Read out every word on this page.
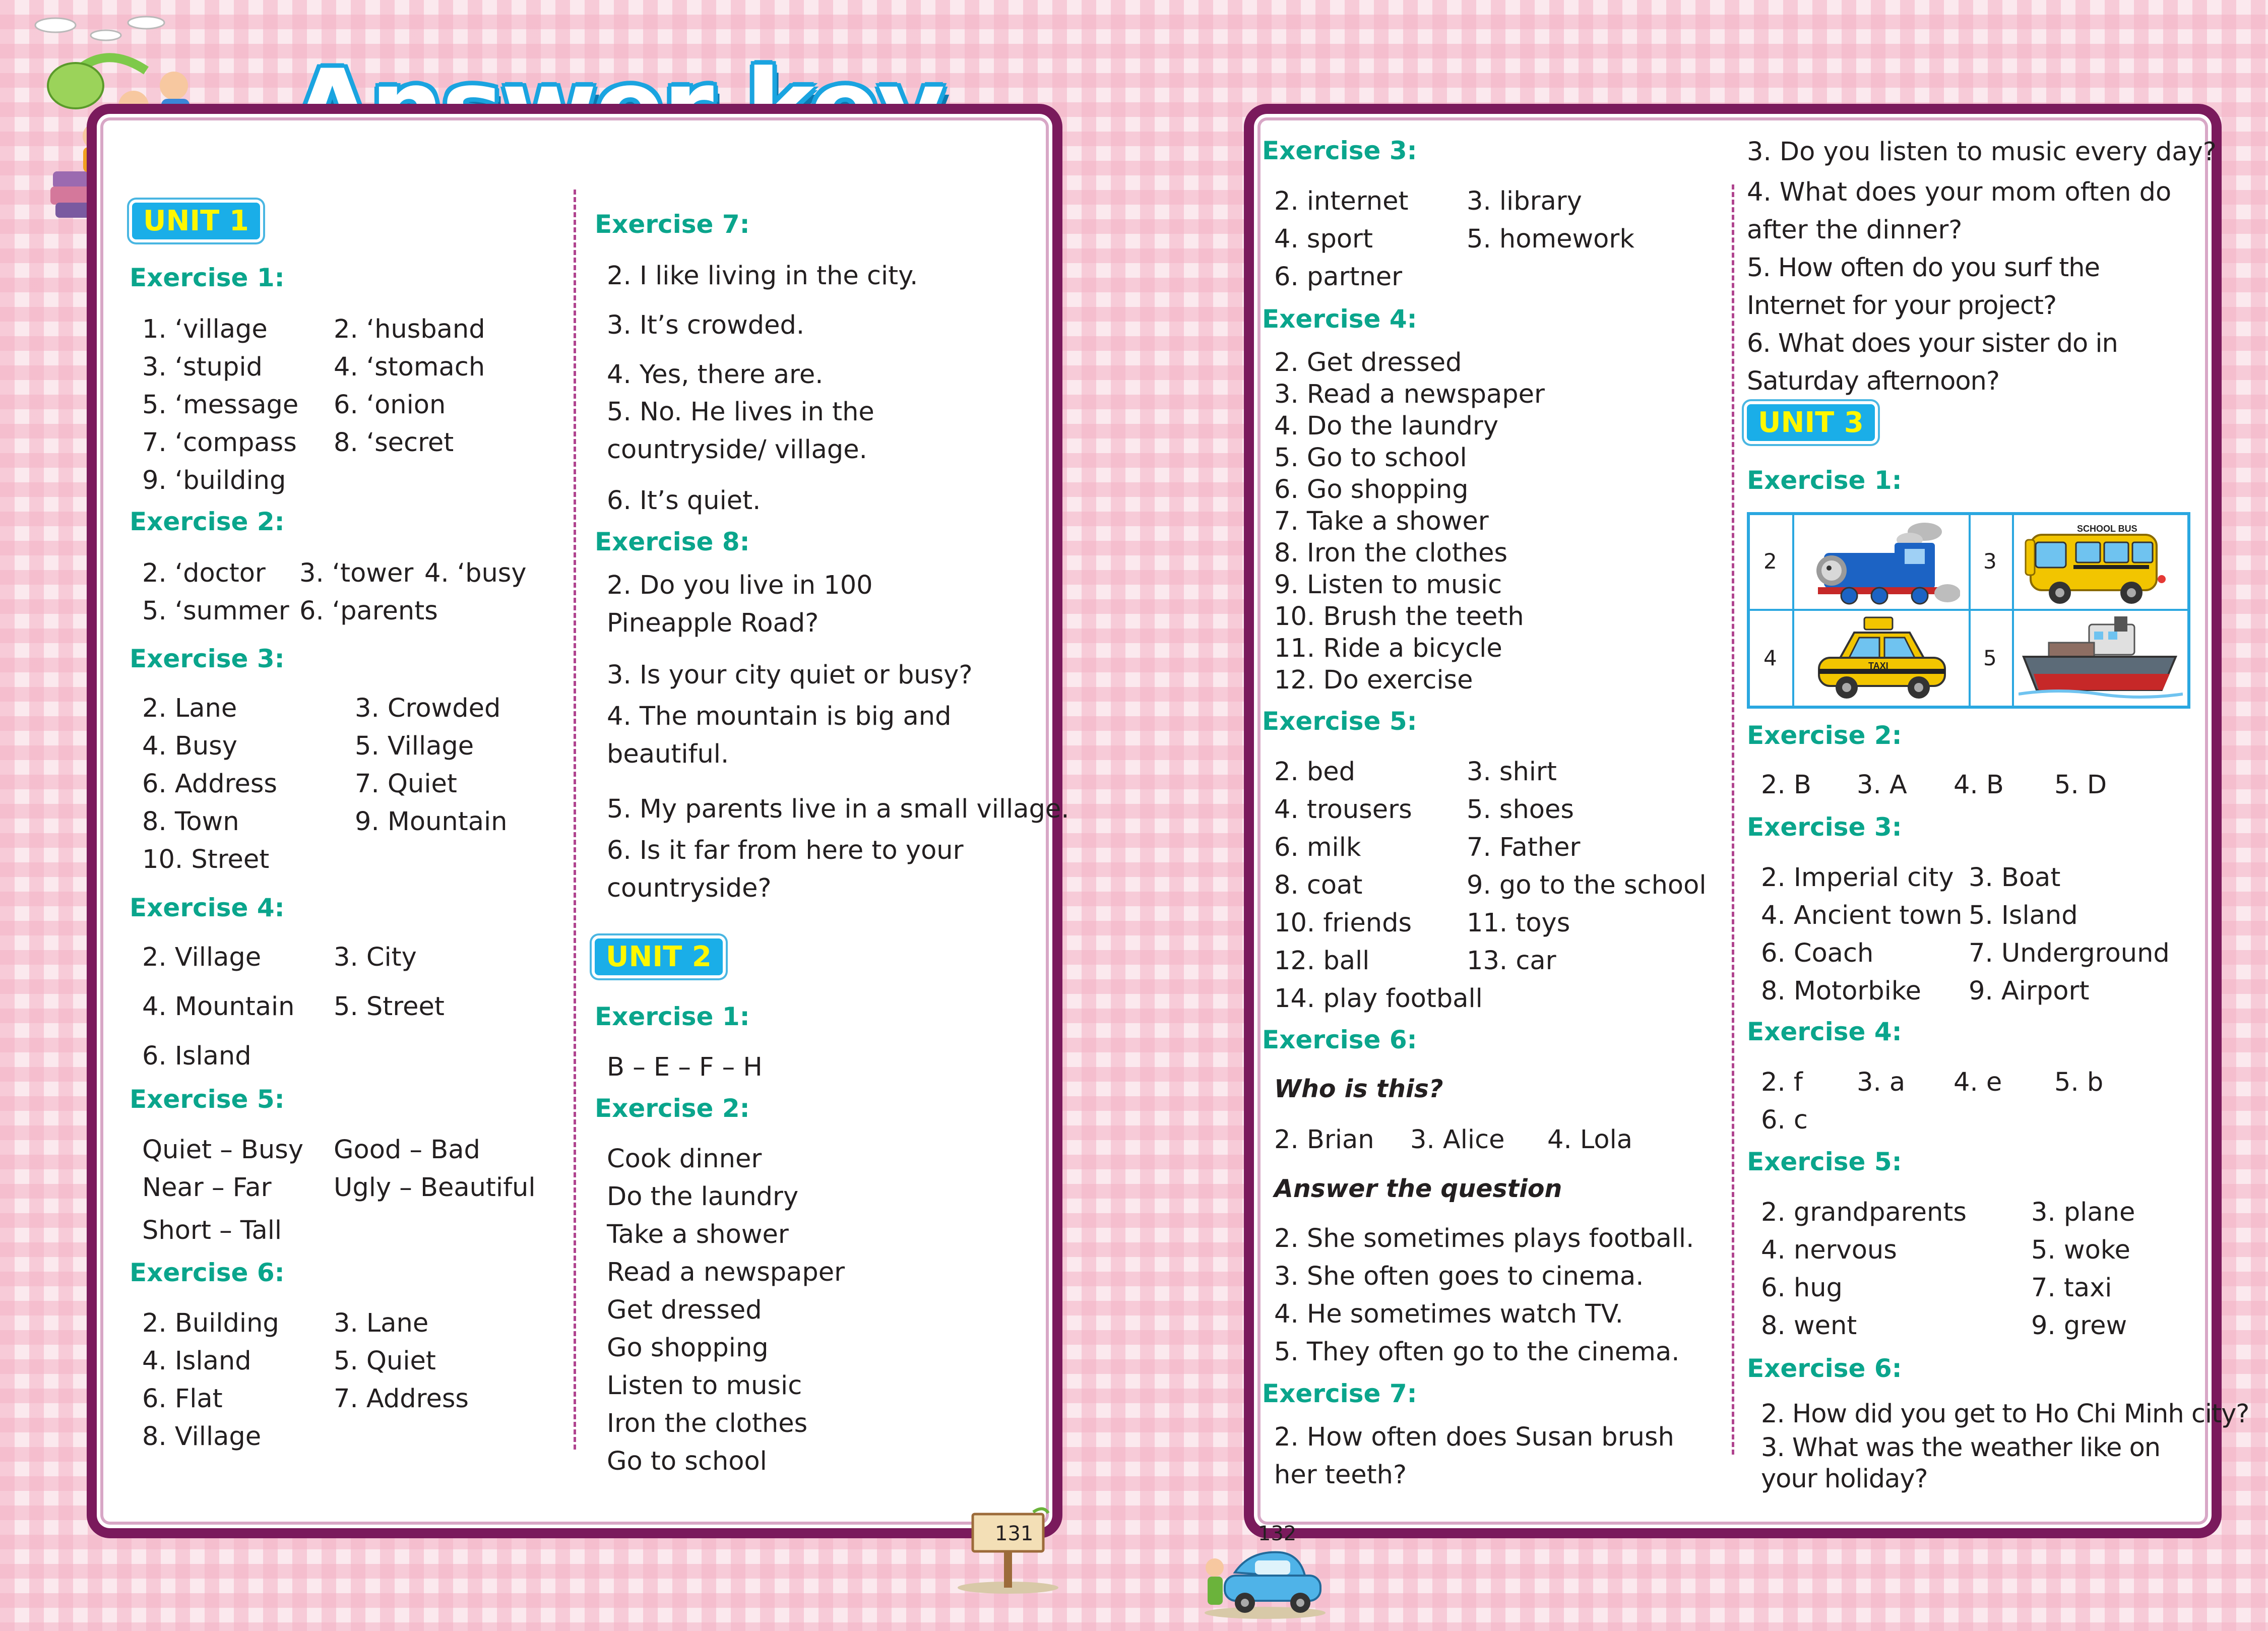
UNIT 1
Exercise 1:
1. ‘village	2. ‘husband
3. ‘stupid	4. ‘stomach
5. ‘message 6. ‘onion
7. ‘compass 8. ‘secret
9. ‘building
Exercise 2:
2. ‘doctor 3. ‘tower 4. ‘busy
5. ‘summer 6. ‘parents
Exercise 3:
2. Lane	3. Crowded
4. Busy	5. Village
6. Address	7. Quiet
8. Town	9. Mountain
10. Street
Exercise 4:
2. Village	3. City
4. Mountain 5. Street
6. Island
Exercise 5:
Quiet – Busy Good – Bad
Near – Far Ugly – Beautiful
Short – Tall
Exercise 6:
2. Building 3. Lane
4. Island	5. Quiet
6. Flat	7. Address
8. Village
Exercise 7:
2. I like living in the city.
3. It’s crowded.
4. Yes, there are.
5. No. He lives in the countryside/ village.
6. It’s quiet.
Exercise 8:
2. Do you live in 100 Pineapple Road?
3. Is your city quiet or busy?
4. The mountain is big and beautiful.
5. My parents live in a small village.
6. Is it far from here to your countryside?
UNIT 2
Exercise 1:
B – E – F – H
Exercise 2:
Cook dinner
Do the laundry
Take a shower
Read a newspaper
Get dressed
Go shopping
Listen to music
Iron the clothes
Go to school
Exercise 3:
2. internet 3. library
4. sport	5. homework
6. partner
Exercise 4:
2. Get dressed
3. Read a newspaper
4. Do the laundry
5. Go to school
6. Go shopping
7. Take a shower
8. Iron the clothes
9. Listen to music
10. Brush the teeth
11. Ride a bicycle
12. Do exercise
Exercise 5:
2. bed	3. shirt
4. trousers 5. shoes
6. milk	7. Father
8. coat	9. go to the school
10. friends 11. toys
12. ball	13. car
14. play football
Exercise 6:
Who is this?
2. Brian 3. Alice 4. Lola
Answer the question
2. She sometimes plays football.
3. She often goes to cinema.
4. He sometimes watch TV.
5. They often go to the cinema.
Exercise 7:
2. How often does Susan brush her teeth?
3. Do you listen to music every day?
4. What does your mom often do after the dinner?
5. How often do you surf the Internet for your project?
6. What does your sister do in Saturday afternoon?
UNIT 3
Exercise 1:
2	3
4	5
SCHOOL BUS
TAXI
Exercise 2:
2. B 3. A 4. B 5. D
Exercise 3:
2. Imperial city 3. Boat
4. Ancient town 5. Island
6. Coach	7. Underground
8. Motorbike 9. Airport
Exercise 4:
2. f 3. a 4. e 5. b
6. c
Exercise 5:
2. grandparents	3. plane
4. nervous	5. woke
6. hug	7. taxi
8. went	9. grew
Exercise 6:
2. How did you get to Ho Chi Minh city?
3. What was the weather like on your holiday?
131	132
